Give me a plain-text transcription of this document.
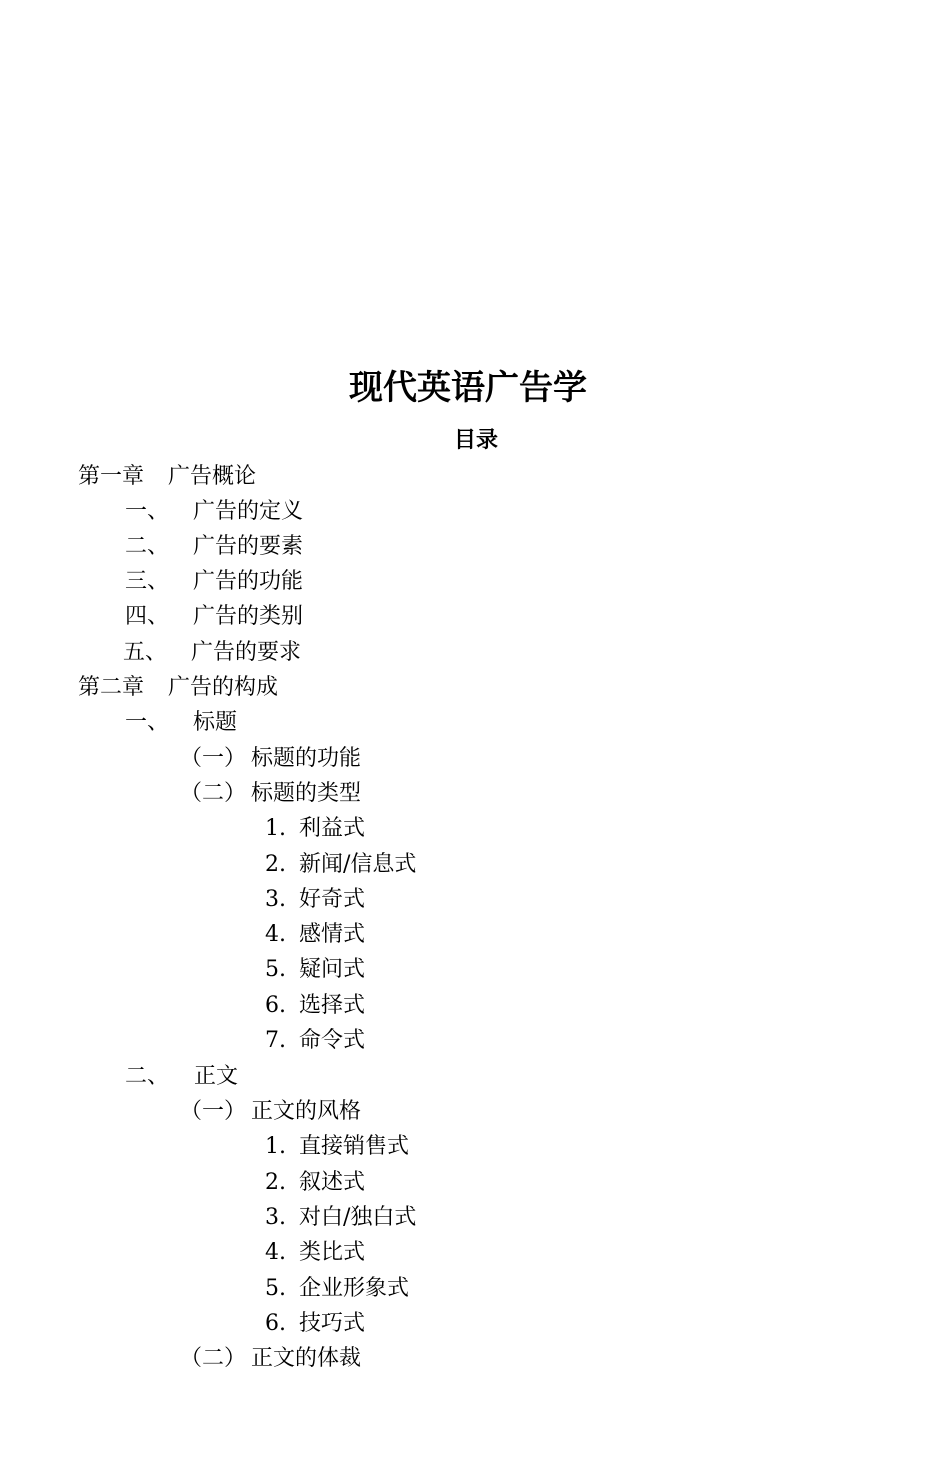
现代英语广告学
目录
第一章 广告概论
一、 广告的定义
二、 广告的要素
三、 广告的功能
四、 广告的类别
五、 广告的要求
第二章 广告的构成
一、 标题
（一） 标题的功能
（二） 标题的类型
1. 利益式
2. 新闻/信息式
3. 好奇式
4. 感情式
5. 疑问式
6. 选择式
7. 命令式
二、 正文
（一） 正文的风格
1. 直接销售式
2. 叙述式
3. 对白/独白式
4. 类比式
5. 企业形象式
6. 技巧式
（二） 正文的体裁
